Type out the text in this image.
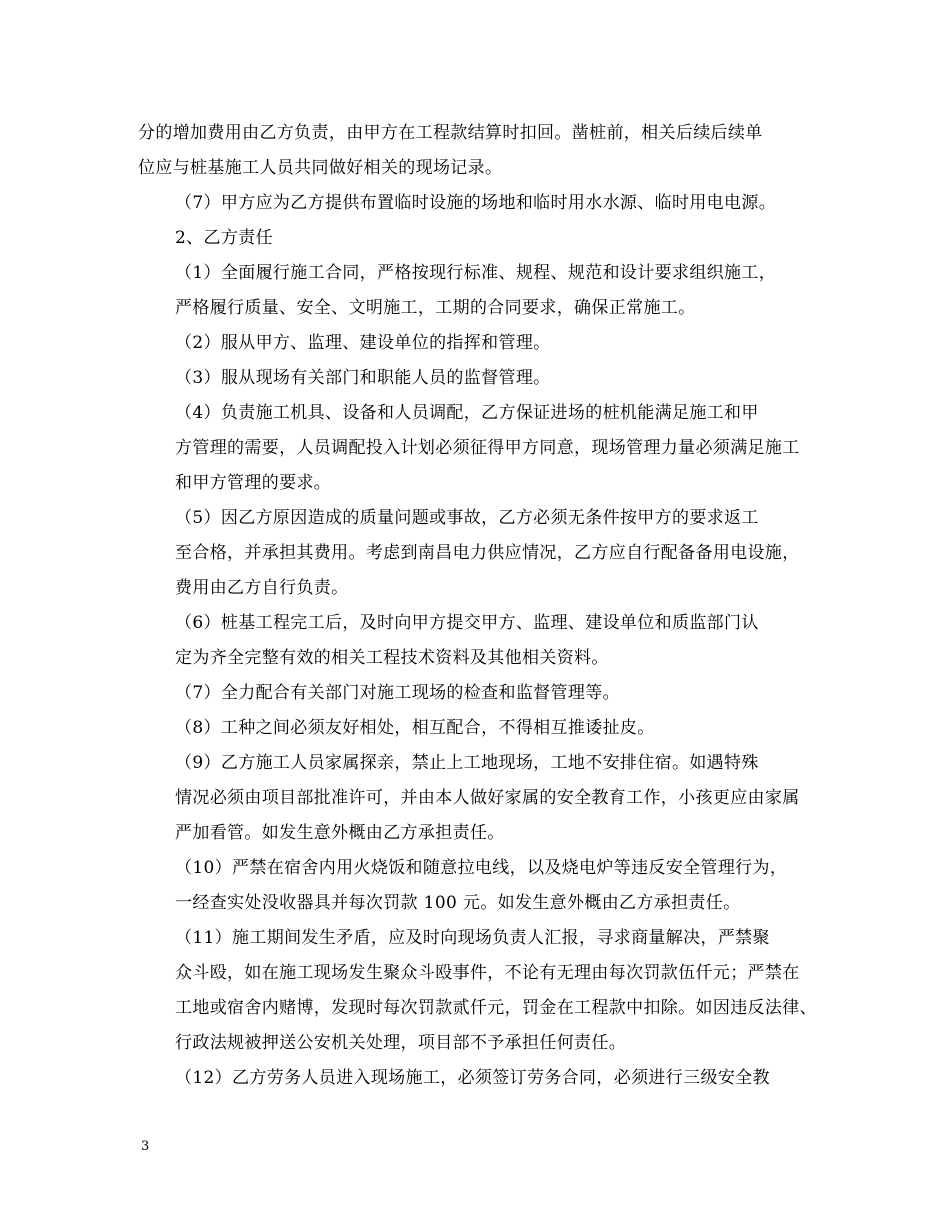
分的增加费用由乙方负责，由甲方在工程款结算时扣回。凿桩前，相关后续后续单
位应与桩基施工人员共同做好相关的现场记录。

（7）甲方应为乙方提供布置临时设施的场地和临时用水水源、临时用电电源。

2、乙方责任

（1）全面履行施工合同，严格按现行标准、规程、规范和设计要求组织施工，
严格履行质量、安全、文明施工，工期的合同要求，确保正常施工。

（2）服从甲方、监理、建设单位的指挥和管理。

（3）服从现场有关部门和职能人员的监督管理。

（4）负责施工机具、设备和人员调配，乙方保证进场的桩机能满足施工和甲
方管理的需要，人员调配投入计划必须征得甲方同意，现场管理力量必须满足施工
和甲方管理的要求。

（5）因乙方原因造成的质量问题或事故，乙方必须无条件按甲方的要求返工
至合格，并承担其费用。考虑到南昌电力供应情况，乙方应自行配备备用电设施，
费用由乙方自行负责。

（6）桩基工程完工后，及时向甲方提交甲方、监理、建设单位和质监部门认
定为齐全完整有效的相关工程技术资料及其他相关资料。

（7）全力配合有关部门对施工现场的检查和监督管理等。

（8）工种之间必须友好相处，相互配合，不得相互推诿扯皮。

（9）乙方施工人员家属探亲，禁止上工地现场，工地不安排住宿。如遇特殊
情况必须由项目部批准许可，并由本人做好家属的安全教育工作，小孩更应由家属
严加看管。如发生意外概由乙方承担责任。

（10）严禁在宿舍内用火烧饭和随意拉电线，以及烧电炉等违反安全管理行为，
一经查实处没收器具并每次罚款 100 元。如发生意外概由乙方承担责任。

（11）施工期间发生矛盾，应及时向现场负责人汇报，寻求商量解决，严禁聚
众斗殴，如在施工现场发生聚众斗殴事件，不论有无理由每次罚款伍仟元；严禁在
工地或宿舍内赌博，发现时每次罚款贰仟元，罚金在工程款中扣除。如因违反法律、
行政法规被押送公安机关处理，项目部不予承担任何责任。

（12）乙方劳务人员进入现场施工，必须签订劳务合同，必须进行三级安全教

3
